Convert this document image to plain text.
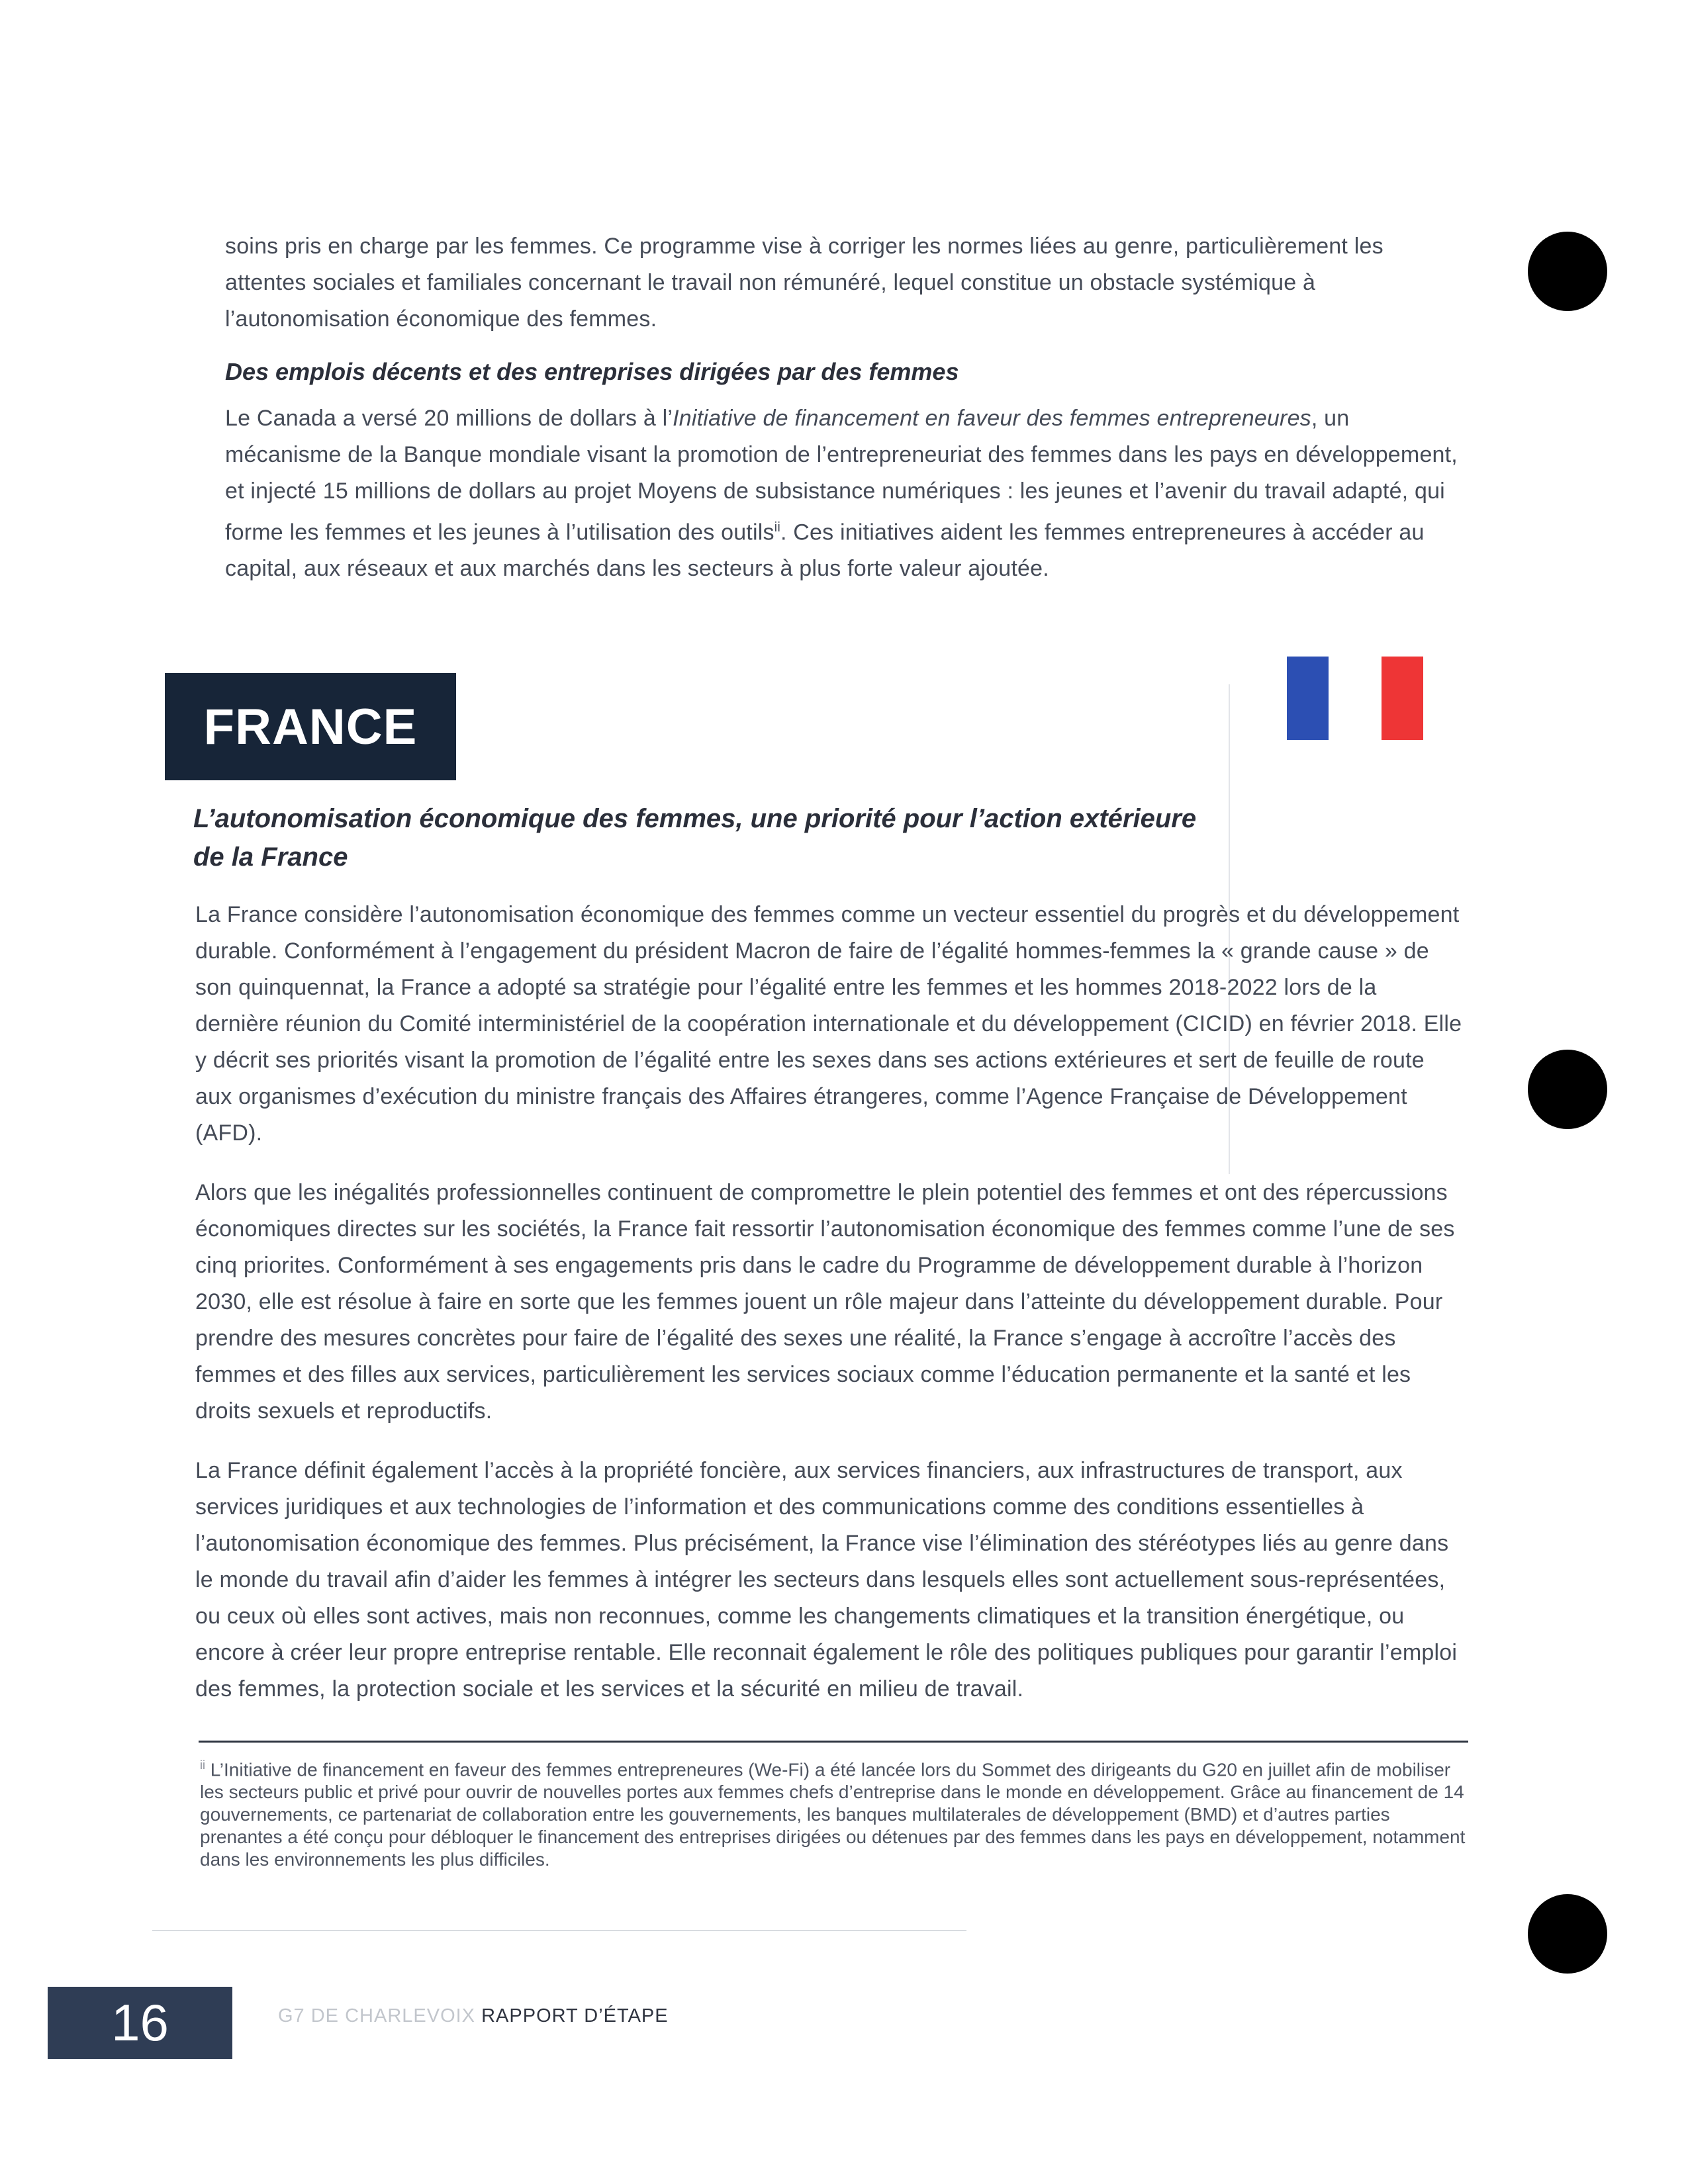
soins pris en charge par les femmes. Ce programme vise à corriger les normes liées au genre, particulièrement les attentes sociales et familiales concernant le travail non rémunéré, lequel constitue un obstacle systémique à l’autonomisation économique des femmes.

Des emplois décents et des entreprises dirigées par des femmes

Le Canada a versé 20 millions de dollars à l’Initiative de financement en faveur des femmes entrepreneures, un mécanisme de la Banque mondiale visant la promotion de l’entrepreneuriat des femmes dans les pays en développement, et injecté 15 millions de dollars au projet Moyens de subsistance numériques : les jeunes et l’avenir du travail adapté, qui forme les femmes et les jeunes à l’utilisation des outils$^{ii}$. Ces initiatives aident les femmes entrepreneures à accéder au capital, aux réseaux et aux marchés dans les secteurs à plus forte valeur ajoutée.

FRANCE
L’autonomisation économique des femmes, une priorité pour l’action extérieure de la France

La France considère l’autonomisation économique des femmes comme un vecteur essentiel du progrès et du développement durable. Conformément à l’engagement du président Macron de faire de l’égalité hommes-femmes la « grande cause » de son quinquennat, la France a adopté sa stratégie pour l’égalité entre les femmes et les hommes 2018-2022 lors de la dernière réunion du Comité interministériel de la coopération internationale et du développement (CICID) en février 2018. Elle y décrit ses priorités visant la promotion de l’égalité entre les sexes dans ses actions extérieures et sert de feuille de route aux organismes d’exécution du ministre français des Affaires étrangeres, comme l’Agence Française de Développement (AFD).

Alors que les inégalités professionnelles continuent de compromettre le plein potentiel des femmes et ont des répercussions économiques directes sur les sociétés, la France fait ressortir l’autonomisation économique des femmes comme l’une de ses cinq priorites. Conformément à ses engagements pris dans le cadre du Programme de développement durable à l’horizon 2030, elle est résolue à faire en sorte que les femmes jouent un rôle majeur dans l’atteinte du développement durable. Pour prendre des mesures concrètes pour faire de l’égalité des sexes une réalité, la France s’engage à accroître l’accès des femmes et des filles aux services, particulièrement les services sociaux comme l’éducation permanente et la santé et les droits sexuels et reproductifs.

La France définit également l’accès à la propriété foncière, aux services financiers, aux infrastructures de transport, aux services juridiques et aux technologies de l’information et des communications comme des conditions essentielles à l’autonomisation économique des femmes. Plus précisément, la France vise l’élimination des stéréotypes liés au genre dans le monde du travail afin d’aider les femmes à intégrer les secteurs dans lesquels elles sont actuellement sous-représentées, ou ceux où elles sont actives, mais non reconnues, comme les changements climatiques et la transition énergétique, ou encore à créer leur propre entreprise rentable. Elle reconnait également le rôle des politiques publiques pour garantir l’emploi des femmes, la protection sociale et les services et la sécurité en milieu de travail.

$^{ii}$ L’Initiative de financement en faveur des femmes entrepreneures (We-Fi) a été lancée lors du Sommet des dirigeants du G20 en juillet afin de mobiliser les secteurs public et privé pour ouvrir de nouvelles portes aux femmes chefs d’entreprise dans le monde en développement. Grâce au financement de 14 gouvernements, ce partenariat de collaboration entre les gouvernements, les banques multilaterales de développement (BMD) et d’autres parties prenantes a été conçu pour débloquer le financement des entreprises dirigées ou détenues par des femmes dans les pays en développement, notamment dans les environnements les plus difficiles.

16	G7 DE CHARLEVOIX RAPPORT D’ÉTAPE
